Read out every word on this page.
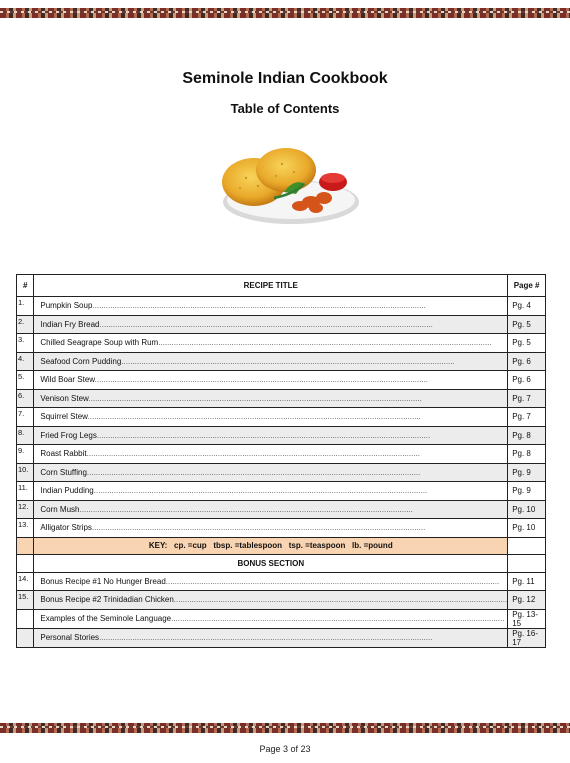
Seminole Indian Cookbook
Table of Contents
#	RECIPE TITLE	Page #
1.	Pumpkin Soup......................................................................................................................................................	Pg. 4
2.	Indian Fry Bread......................................................................................................................................................	Pg. 5
3.	Chilled Seagrape Soup with Rum......................................................................................................................................................	Pg. 5
4.	Seafood Corn Pudding......................................................................................................................................................	Pg. 6
5.	Wild Boar Stew......................................................................................................................................................	Pg. 6
6.	Venison Stew......................................................................................................................................................	Pg. 7
7.	Squirrel Stew......................................................................................................................................................	Pg. 7
8.	Fried Frog Legs......................................................................................................................................................	Pg. 8
9.	Roast Rabbit......................................................................................................................................................	Pg. 8
10.	Corn Stuffing......................................................................................................................................................	Pg. 9
11.	Indian Pudding......................................................................................................................................................	Pg. 9
12.	Corn Mush......................................................................................................................................................	Pg. 10
13.	Alligator Strips......................................................................................................................................................	Pg. 10
	KEY:   cp. =cup   tbsp. =tablespoon   tsp. =teaspoon   lb. =pound	
	BONUS SECTION	
14.	Bonus Recipe #1 No Hunger Bread......................................................................................................................................................	Pg. 11
15.	Bonus Recipe #2 Trinidadian Chicken......................................................................................................................................................	Pg. 12
	Examples of the Seminole Language......................................................................................................................................................	Pg. 13-15
	Personal Stories......................................................................................................................................................	Pg. 16-17
Page 3 of 23
